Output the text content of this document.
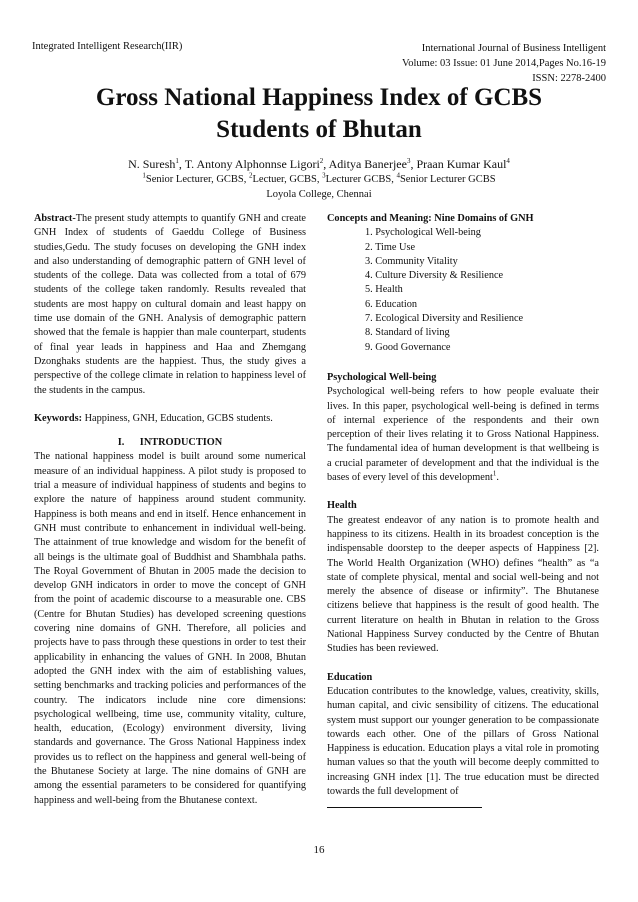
Integrated Intelligent Research(IIR)	International Journal of Business Intelligent
Volume: 03 Issue: 01 June 2014,Pages No.16-19
ISSN: 2278-2400
Gross National Happiness Index of GCBS
Students of Bhutan
N. Suresh$^1$, T. Antony Alphonnse Ligori$^2$, Aditya Banerjee$^3$, Praan Kumar Kaul$^4$
$^1$Senior Lecturer, GCBS, $^2$Lectuer, GCBS, $^3$Lecturer GCBS, $^4$Senior Lecturer GCBS
Loyola College, Chennai

Abstract-The present study attempts to quantify GNH and create GNH Index of students of Gaeddu College of Business studies,Gedu. The study focuses on developing the GNH index and also understanding of demographic pattern of GNH level of students of the college. Data was collected from a total of 679 students of the college taken randomly. Results revealed that students are most happy on cultural domain and least happy on time use domain of the GNH. Analysis of demographic pattern showed that the female is happier than male counterpart, students of final year leads in happiness and Haa and Zhemgang Dzonghaks students are the happiest. Thus, the study gives a perspective of the college climate in relation to happiness level of the students in the campus.

Keywords: Happiness, GNH, Education, GCBS students.

I.      INTRODUCTION

The national happiness model is built around some numerical measure of an individual happiness. A pilot study is proposed to trial a measure of individual happiness of students and begins to explore the nature of happiness around student community. Happiness is both means and end in itself. Hence enhancement in GNH must contribute to enhancement in individual well-being. The attainment of true knowledge and wisdom for the benefit of all beings is the ultimate goal of Buddhist and Shambhala paths. The Royal Government of Bhutan in 2005 made the decision to develop GNH indicators in order to move the concept of GNH from the point of academic discourse to a measurable one. CBS (Centre for Bhutan Studies) has developed screening questions covering nine domains of GNH. Therefore, all policies and projects have to pass through these questions in order to test their applicability in enhancing the values of GNH. In 2008, Bhutan adopted the GNH index with the aim of establishing values, setting benchmarks and tracking policies and performances of the country. The indicators include nine core dimensions: psychological wellbeing, time use, community vitality, culture, health, education, (Ecology) environment diversity, living standards and governance. The Gross National Happiness index provides us to reflect on the happiness and general well-being of the Bhutanese Society at large. The nine domains of GNH are among the essential parameters to be considered for quantifying happiness and well-being from the Bhutanese context.

Concepts and Meaning: Nine Domains of GNH

1. Psychological Well-being
2. Time Use
3. Community Vitality
4. Culture Diversity & Resilience
5. Health
6. Education
7. Ecological Diversity and Resilience
8. Standard of living
9. Good Governance

Psychological Well-being

Psychological well-being refers to how people evaluate their lives. In this paper, psychological well-being is defined in terms of internal experience of the respondents and their own perception of their lives relating it to Gross National Happiness. The fundamental idea of human development is that wellbeing is a crucial parameter of development and that the individual is the bases of every level of this development$^1$.

Health

The greatest endeavor of any nation is to promote health and happiness to its citizens. Health in its broadest conception is the indispensable doorstep to the deeper aspects of Happiness [2]. The World Health Organization (WHO) defines “health” as “a state of complete physical, mental and social well-being and not merely the absence of disease or infirmity”. The Bhutanese citizens believe that happiness is the result of good health. The current literature on health in Bhutan in relation to the Gross National Happiness Survey conducted by the Centre of Bhutan Studies has been reviewed.

Education

Education contributes to the knowledge, values, creativity, skills, human capital, and civic sensibility of citizens. The educational system must support our younger generation to be compassionate towards each other. One of the pillars of Gross National Happiness is education. Education plays a vital role in promoting human values so that the youth will become deeply committed to increasing GNH index [1]. The true education must be directed towards the full development of

16
